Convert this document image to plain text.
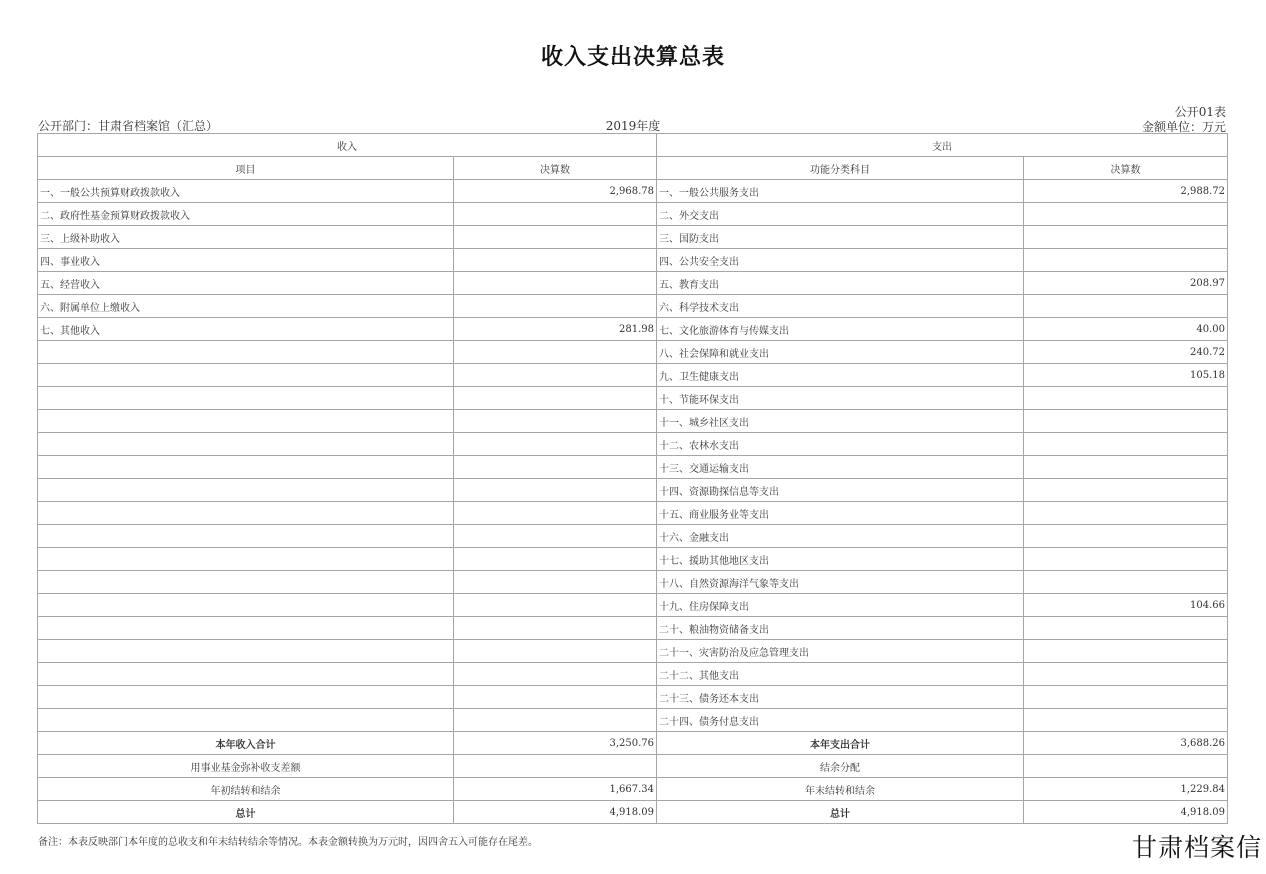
收入支出决算总表
公开部门：甘肃省档案馆（汇总）	2019年度
公开01表
金额单位：万元
收入		支出	
项目	决算数	功能分类科目	决算数
一、一般公共预算财政拨款收入	2,968.78	一、一般公共服务支出	2,988.72
二、政府性基金预算财政拨款收入		二、外交支出	
三、上级补助收入		三、国防支出	
四、事业收入		四、公共安全支出	
五、经营收入		五、教育支出	208.97
六、附属单位上缴收入		六、科学技术支出	
七、其他收入	281.98	七、文化旅游体育与传媒支出	40.00
		八、社会保障和就业支出	240.72
		九、卫生健康支出	105.18
		十、节能环保支出	
		十一、城乡社区支出	
		十二、农林水支出	
		十三、交通运输支出	
		十四、资源勘探信息等支出	
		十五、商业服务业等支出	
		十六、金融支出	
		十七、援助其他地区支出	
		十八、自然资源海洋气象等支出	
		十九、住房保障支出	104.66
		二十、粮油物资储备支出	
		二十一、灾害防治及应急管理支出	
		二十二、其他支出	
		二十三、债务还本支出	
		二十四、债务付息支出	
本年收入合计	3,250.76	本年支出合计	3,688.26
用事业基金弥补收支差额		结余分配	
年初结转和结余	1,667.34	年末结转和结余	1,229.84
总计	4,918.09	总计	4,918.09
备注：本表反映部门本年度的总收支和年末结转结余等情况。本表金额转换为万元时，因四舍五入可能存在尾差。	甘肃档案信
